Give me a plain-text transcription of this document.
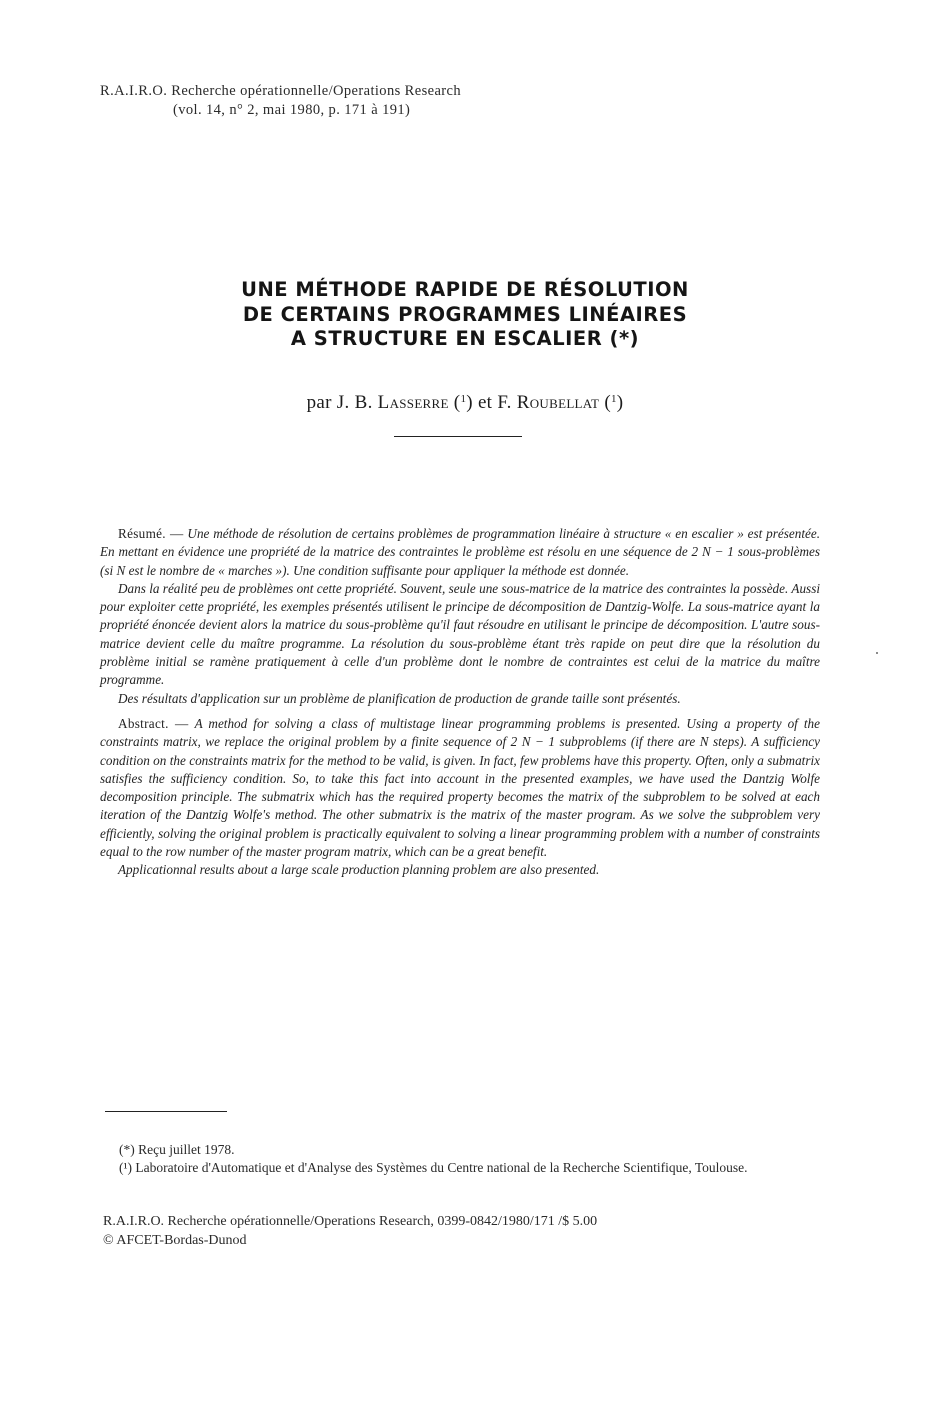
R.A.I.R.O. Recherche opérationnelle/Operations Research
(vol. 14, n° 2, mai 1980, p. 171 à 191)
UNE MÉTHODE RAPIDE DE RÉSOLUTION
DE CERTAINS PROGRAMMES LINÉAIRES
A STRUCTURE EN ESCALIER (*)
par J. B. Lasserre ($^1$) et F. Roubellat ($^1$)

Résumé. — Une méthode de résolution de certains problèmes de programmation linéaire à structure « en escalier » est présentée. En mettant en évidence une propriété de la matrice des contraintes le problème est résolu en une séquence de 2 N − 1 sous-problèmes (si N est le nombre de « marches »). Une condition suffisante pour appliquer la méthode est donnée.

Dans la réalité peu de problèmes ont cette propriété. Souvent, seule une sous-matrice de la matrice des contraintes la possède. Aussi pour exploiter cette propriété, les exemples présentés utilisent le principe de décomposition de Dantzig-Wolfe. La sous-matrice ayant la propriété énoncée devient alors la matrice du sous-problème qu'il faut résoudre en utilisant le principe de décomposition. L'autre sous-matrice devient celle du maître programme. La résolution du sous-problème étant très rapide on peut dire que la résolution du problème initial se ramène pratiquement à celle d'un problème dont le nombre de contraintes est celui de la matrice du maître programme.

Des résultats d'application sur un problème de planification de production de grande taille sont présentés.

Abstract. — A method for solving a class of multistage linear programming problems is presented. Using a property of the constraints matrix, we replace the original problem by a finite sequence of 2 N − 1 subproblems (if there are N steps). A sufficiency condition on the constraints matrix for the method to be valid, is given. In fact, few problems have this property. Often, only a submatrix satisfies the sufficiency condition. So, to take this fact into account in the presented examples, we have used the Dantzig Wolfe decomposition principle. The submatrix which has the required property becomes the matrix of the subproblem to be solved at each iteration of the Dantzig Wolfe's method. The other submatrix is the matrix of the master program. As we solve the subproblem very efficiently, solving the original problem is practically equivalent to solving a linear programming problem with a number of constraints equal to the row number of the master program matrix, which can be a great benefit.

Applicationnal results about a large scale production planning problem are also presented.

(*) Reçu juillet 1978.

(¹) Laboratoire d'Automatique et d'Analyse des Systèmes du Centre national de la Recherche Scientifique, Toulouse.

R.A.I.R.O. Recherche opérationnelle/Operations Research, 0399-0842/1980/171 /$ 5.00
© AFCET-Bordas-Dunod
